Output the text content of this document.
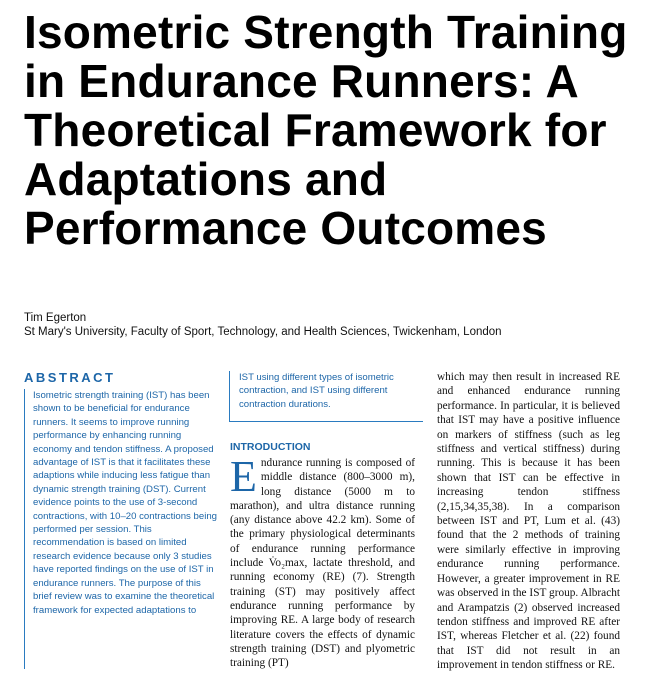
Isometric Strength Training in Endurance Runners: A Theoretical Framework for Adaptations and Performance Outcomes
Tim Egerton
St Mary's University, Faculty of Sport, Technology, and Health Sciences, Twickenham, London
ABSTRACT

Isometric strength training (IST) has been shown to be beneficial for endurance runners. It seems to improve running performance by enhancing running economy and tendon stiffness. A proposed advantage of IST is that it facilitates these adaptions while inducing less fatigue than dynamic strength training (DST). Current evidence points to the use of 3-second contractions, with 10–20 contractions being performed per session. This recommendation is based on limited research evidence because only 3 studies have reported findings on the use of IST in endurance runners. The purpose of this brief review was to examine the theoretical framework for expected adaptations to

IST using different types of isometric contraction, and IST using different contraction durations.

INTRODUCTION
E ndurance running is composed of middle distance (800–3000 m), long distance (5000 m to marathon), and ultra distance running (any distance above 42.2 km). Some of the primary physiological determinants of endurance running performance include V̇o₂max, lactate threshold, and running economy (RE) (7). Strength training (ST) may positively affect endurance running performance by improving RE. A large body of research literature covers the effects of dynamic strength training (DST) and plyometric training (PT)

which may then result in increased RE and enhanced endurance running performance. In particular, it is believed that IST may have a positive influence on markers of stiffness (such as leg stiffness and vertical stiffness) during running. This is because it has been shown that IST can be effective in increasing tendon stiffness (2,15,34,35,38). In a comparison between IST and PT, Lum et al. (43) found that the 2 methods of training were similarly effective in improving endurance running performance. However, a greater improvement in RE was observed in the IST group. Albracht and Arampatzis (2) observed increased tendon stiffness and improved RE after IST, whereas Fletcher et al. (22) found that IST did not result in an improvement in tendon stiffness or RE.
